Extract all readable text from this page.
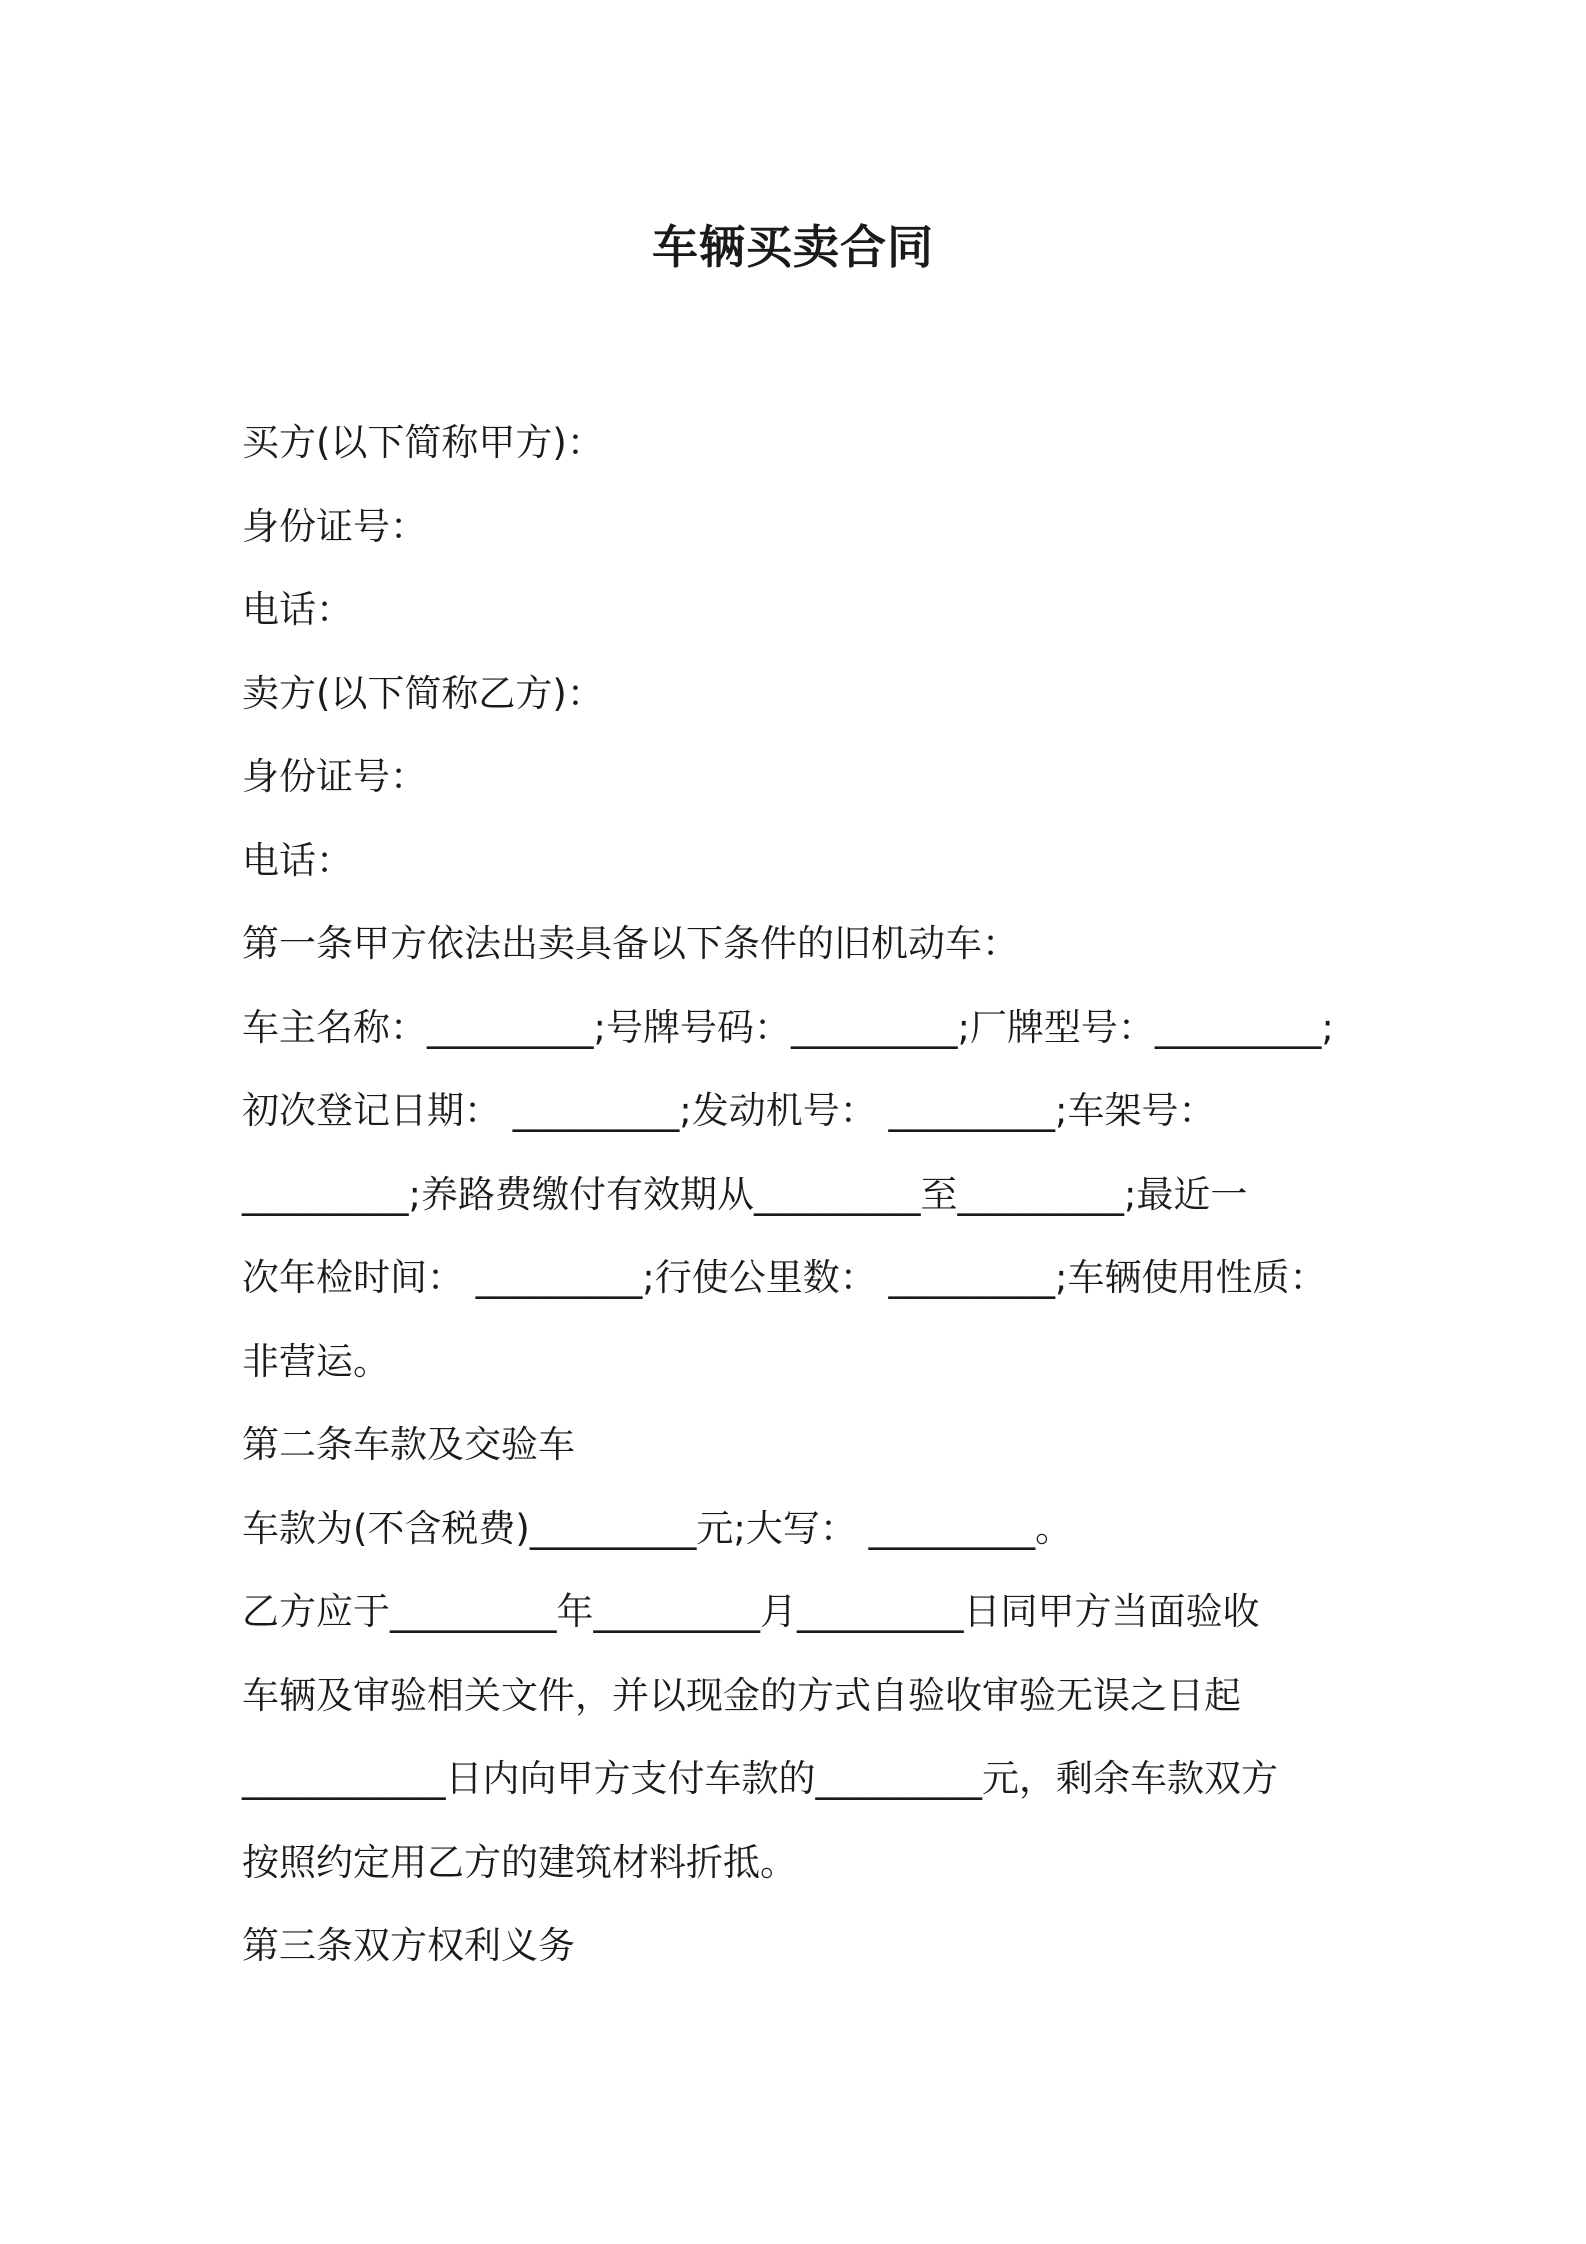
车辆买卖合同

买方(以下简称甲方)：

身份证号：

电话：

卖方(以下简称乙方)：

身份证号：

电话：

第一条甲方依法出卖具备以下条件的旧机动车：

车主名称：_________;号牌号码：_________;厂牌型号：_________;

初次登记日期： _________;发动机号： _________;车架号：

_________;养路费缴付有效期从_________至_________;最近一

次年检时间： _________;行使公里数： _________;车辆使用性质：

非营运。

第二条车款及交验车

车款为(不含税费)_________元;大写： _________。

乙方应于_________年_________月_________日同甲方当面验收

车辆及审验相关文件，并以现金的方式自验收审验无误之日起

___________日内向甲方支付车款的_________元，剩余车款双方

按照约定用乙方的建筑材料折抵。

第三条双方权利义务
